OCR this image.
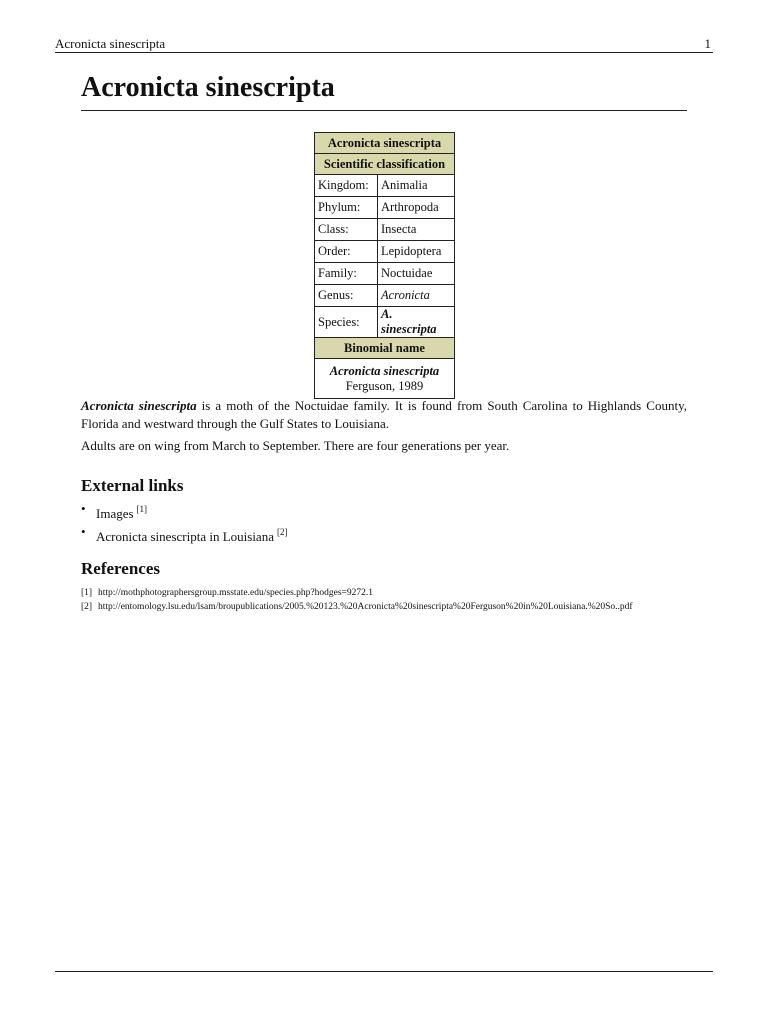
Acronicta sinescripta	1
Acronicta sinescripta
Acronicta sinescripta	
Scientific classification	
Kingdom:	Animalia
Phylum:	Arthropoda
Class:	Insecta
Order:	Lepidoptera
Family:	Noctuidae
Genus:	Acronicta
Species:	A. sinescripta
Binomial name	
Acronicta sinescripta
Ferguson, 1989	

Acronicta sinescripta is a moth of the Noctuidae family. It is found from South Carolina to Highlands County, Florida and westward through the Gulf States to Louisiana.

Adults are on wing from March to September. There are four generations per year.

External links
• Images [1]
• Acronicta sinescripta in Louisiana [2]
References
[1] http://mothphotographersgroup.msstate.edu/species.php?hodges=9272.1
[2] http://entomology.lsu.edu/lsam/broupublications/2005.%20123.%20Acronicta%20sinescripta%20Ferguson%20in%20Louisiana.%20So..pdf
